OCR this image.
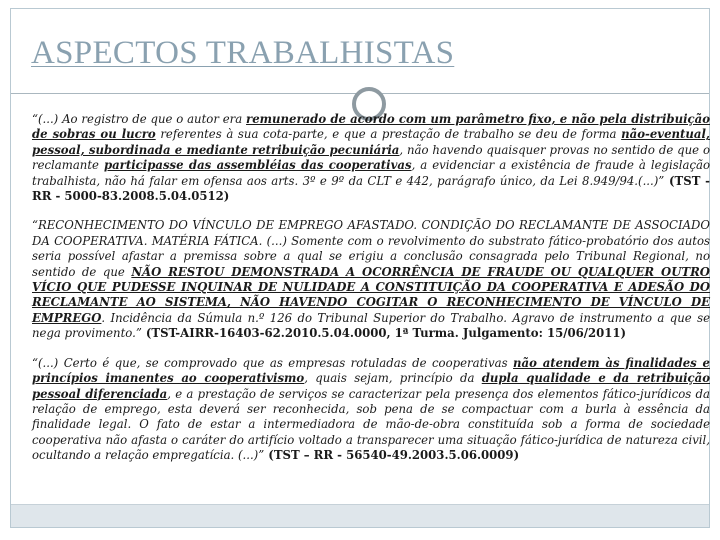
ASPECTOS TRABALHISTAS

“(...) Ao registro de que o autor era remunerado de acordo com um parâmetro fixo, e não pela distribuição de sobras ou lucro referentes à sua cota-parte, e que a prestação de trabalho se deu de forma não-eventual, pessoal, subordinada e mediante retribuição pecuniária, não havendo quaisquer provas no sentido de que o reclamante participasse das assembléias das cooperativas, a evidenciar a existência de fraude à legislação trabalhista, não há falar em ofensa aos arts. 3º e 9º da CLT e 442, parágrafo único, da Lei 8.949/94.(...)” (TST - RR - 5000-83.2008.5.04.0512)

“RECONHECIMENTO DO VÍNCULO DE EMPREGO AFASTADO. CONDIÇÃO DO RECLAMANTE DE ASSOCIADO DA COOPERATIVA. MATÉRIA FÁTICA. (...) Somente com o revolvimento do substrato fático-probatório dos autos seria possível afastar a premissa sobre a qual se erigiu a conclusão consagrada pelo Tribunal Regional, no sentido de que NÃO RESTOU DEMONSTRADA A OCORRÊNCIA DE FRAUDE OU QUALQUER OUTRO VÍCIO QUE PUDESSE INQUINAR DE NULIDADE A CONSTITUIÇÃO DA COOPERATIVA E ADESÃO DO RECLAMANTE AO SISTEMA, NÃO HAVENDO COGITAR O RECONHECIMENTO DE VÍNCULO DE EMPREGO. Incidência da Súmula n.º 126 do Tribunal Superior do Trabalho. Agravo de instrumento a que se nega provimento.” (TST-AIRR-16403-62.2010.5.04.0000, 1ª Turma. Julgamento: 15/06/2011)

“(...) Certo é que, se comprovado que as empresas rotuladas de cooperativas não atendem às finalidades e princípios imanentes ao cooperativismo, quais sejam, princípio da dupla qualidade e da retribuição pessoal diferenciada, e a prestação de serviços se caracterizar pela presença dos elementos fático-jurídicos da relação de emprego, esta deverá ser reconhecida, sob pena de se compactuar com a burla à essência da finalidade legal. O fato de estar a intermediadora de mão-de-obra constituída sob a forma de sociedade cooperativa não afasta o caráter do artifício voltado a transparecer uma situação fático-jurídica de natureza civil, ocultando a relação empregatícia. (...)” (TST – RR - 56540-49.2003.5.06.0009)
